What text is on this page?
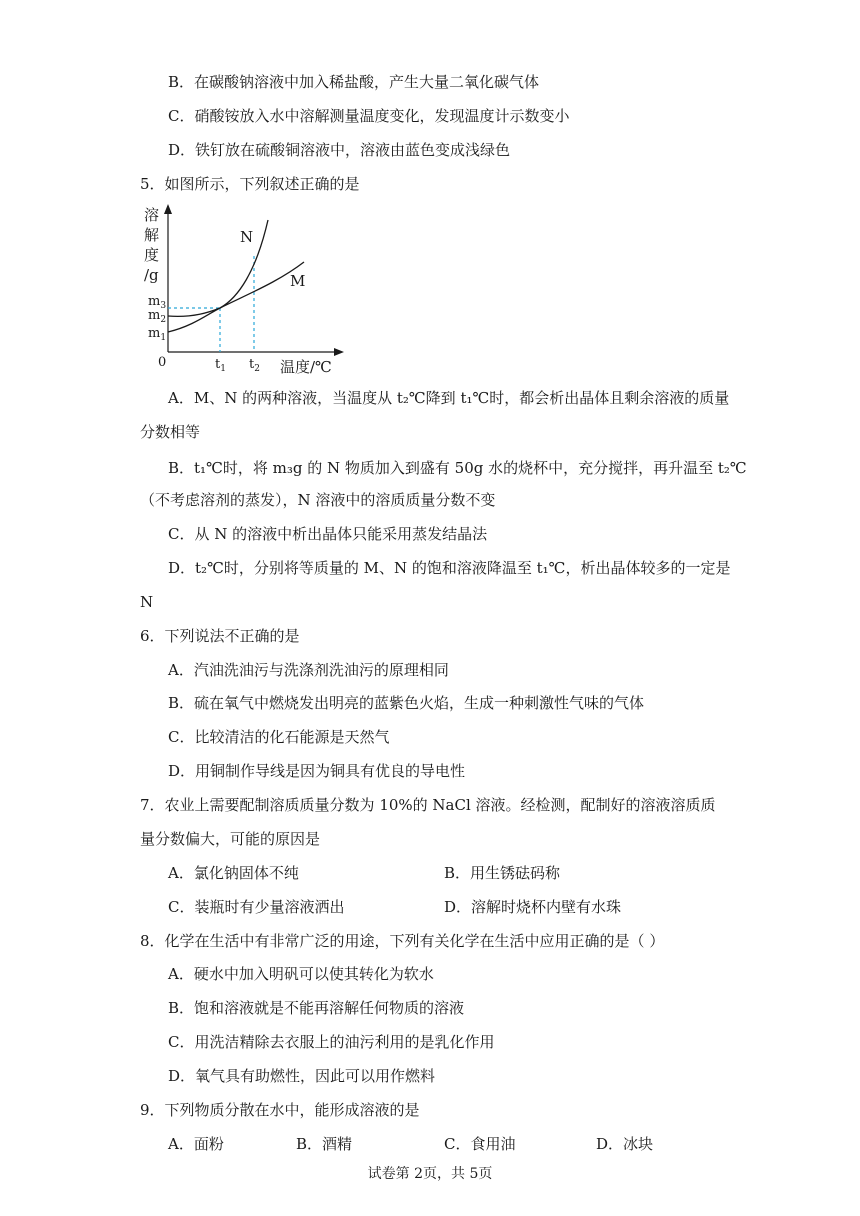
B．在碳酸钠溶液中加入稀盐酸，产生大量二氧化碳气体
C．硝酸铵放入水中溶解测量温度变化，发现温度计示数变小
D．铁钉放在硫酸铜溶液中，溶液由蓝色变成浅绿色
5．如图所示，下列叙述正确的是
溶
解
度
/g
N
M
$m_3$
$m_2$
$m_1$
0	$t_1$ $t_2$ 温度/℃
A．M、N 的两种溶液，当温度从 t₂℃降到 t₁℃时，都会析出晶体且剩余溶液的质量
分数相等
B．t₁℃时，将 m₃g 的 N 物质加入到盛有 50g 水的烧杯中，充分搅拌，再升温至 t₂℃
（不考虑溶剂的蒸发），N 溶液中的溶质质量分数不变
C．从 N 的溶液中析出晶体只能采用蒸发结晶法
D．t₂℃时，分别将等质量的 M、N 的饱和溶液降温至 t₁℃，析出晶体较多的一定是
N
6．下列说法不正确的是
A．汽油洗油污与洗涤剂洗油污的原理相同
B．硫在氧气中燃烧发出明亮的蓝紫色火焰，生成一种刺激性气味的气体
C．比较清洁的化石能源是天然气
D．用铜制作导线是因为铜具有优良的导电性
7．农业上需要配制溶质质量分数为 10%的 NaCl 溶液。经检测，配制好的溶液溶质质
量分数偏大，可能的原因是
A．氯化钠固体不纯	B．用生锈砝码称
C．装瓶时有少量溶液洒出	D．溶解时烧杯内壁有水珠
8．化学在生活中有非常广泛的用途，下列有关化学在生活中应用正确的是（ ）
A．硬水中加入明矾可以使其转化为软水
B．饱和溶液就是不能再溶解任何物质的溶液
C．用洗洁精除去衣服上的油污利用的是乳化作用
D．氧气具有助燃性，因此可以用作燃料
9．下列物质分散在水中，能形成溶液的是
A．面粉	B．酒精	C．食用油	D．冰块
试卷第 2页，共 5页
